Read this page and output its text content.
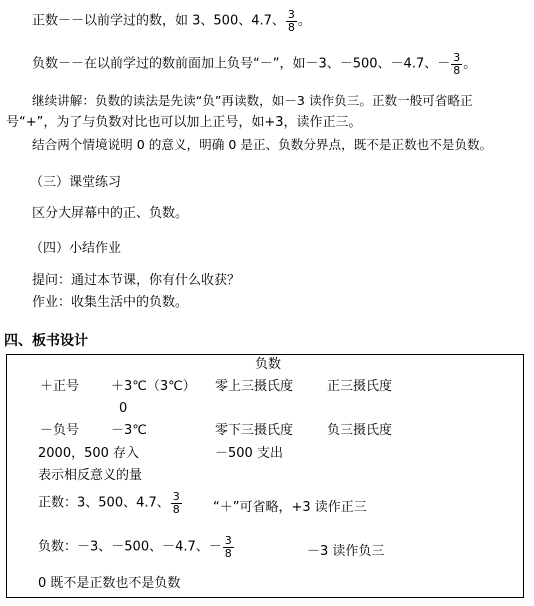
正数－－以前学过的数，如 3、500、4.7、 $\frac{3}{8}$ 。
负数－－在以前学过的数前面加上负号“－”，如－3、－500、－4.7、－ $\frac{3}{8}$ 。
继续讲解：负数的读法是先读“负”再读数，如－3 读作负三。正数一般可省略正
号“+”，为了与负数对比也可以加上正号，如+3，读作正三。
结合两个情境说明 0 的意义，明确 0 是正、负数分界点，既不是正数也不是负数。
（三）课堂练习
区分大屏幕中的正、负数。
（四）小结作业
提问：通过本节课，你有什么收获？
作业：收集生活中的负数。
四、板书设计
负数
＋正号 ＋3℃（3℃） 零上三摄氏度	正三摄氏度
0
－负号 －3℃	零下三摄氏度	负三摄氏度
2000，500 存入	－500 支出
表示相反意义的量
正数：3、500、4.7、 $\frac{3}{8}$ “＋”可省略，+3 读作正三
负数：－3、－500、－4.7、－ $\frac{3}{8}$	－3 读作负三
0 既不是正数也不是负数
